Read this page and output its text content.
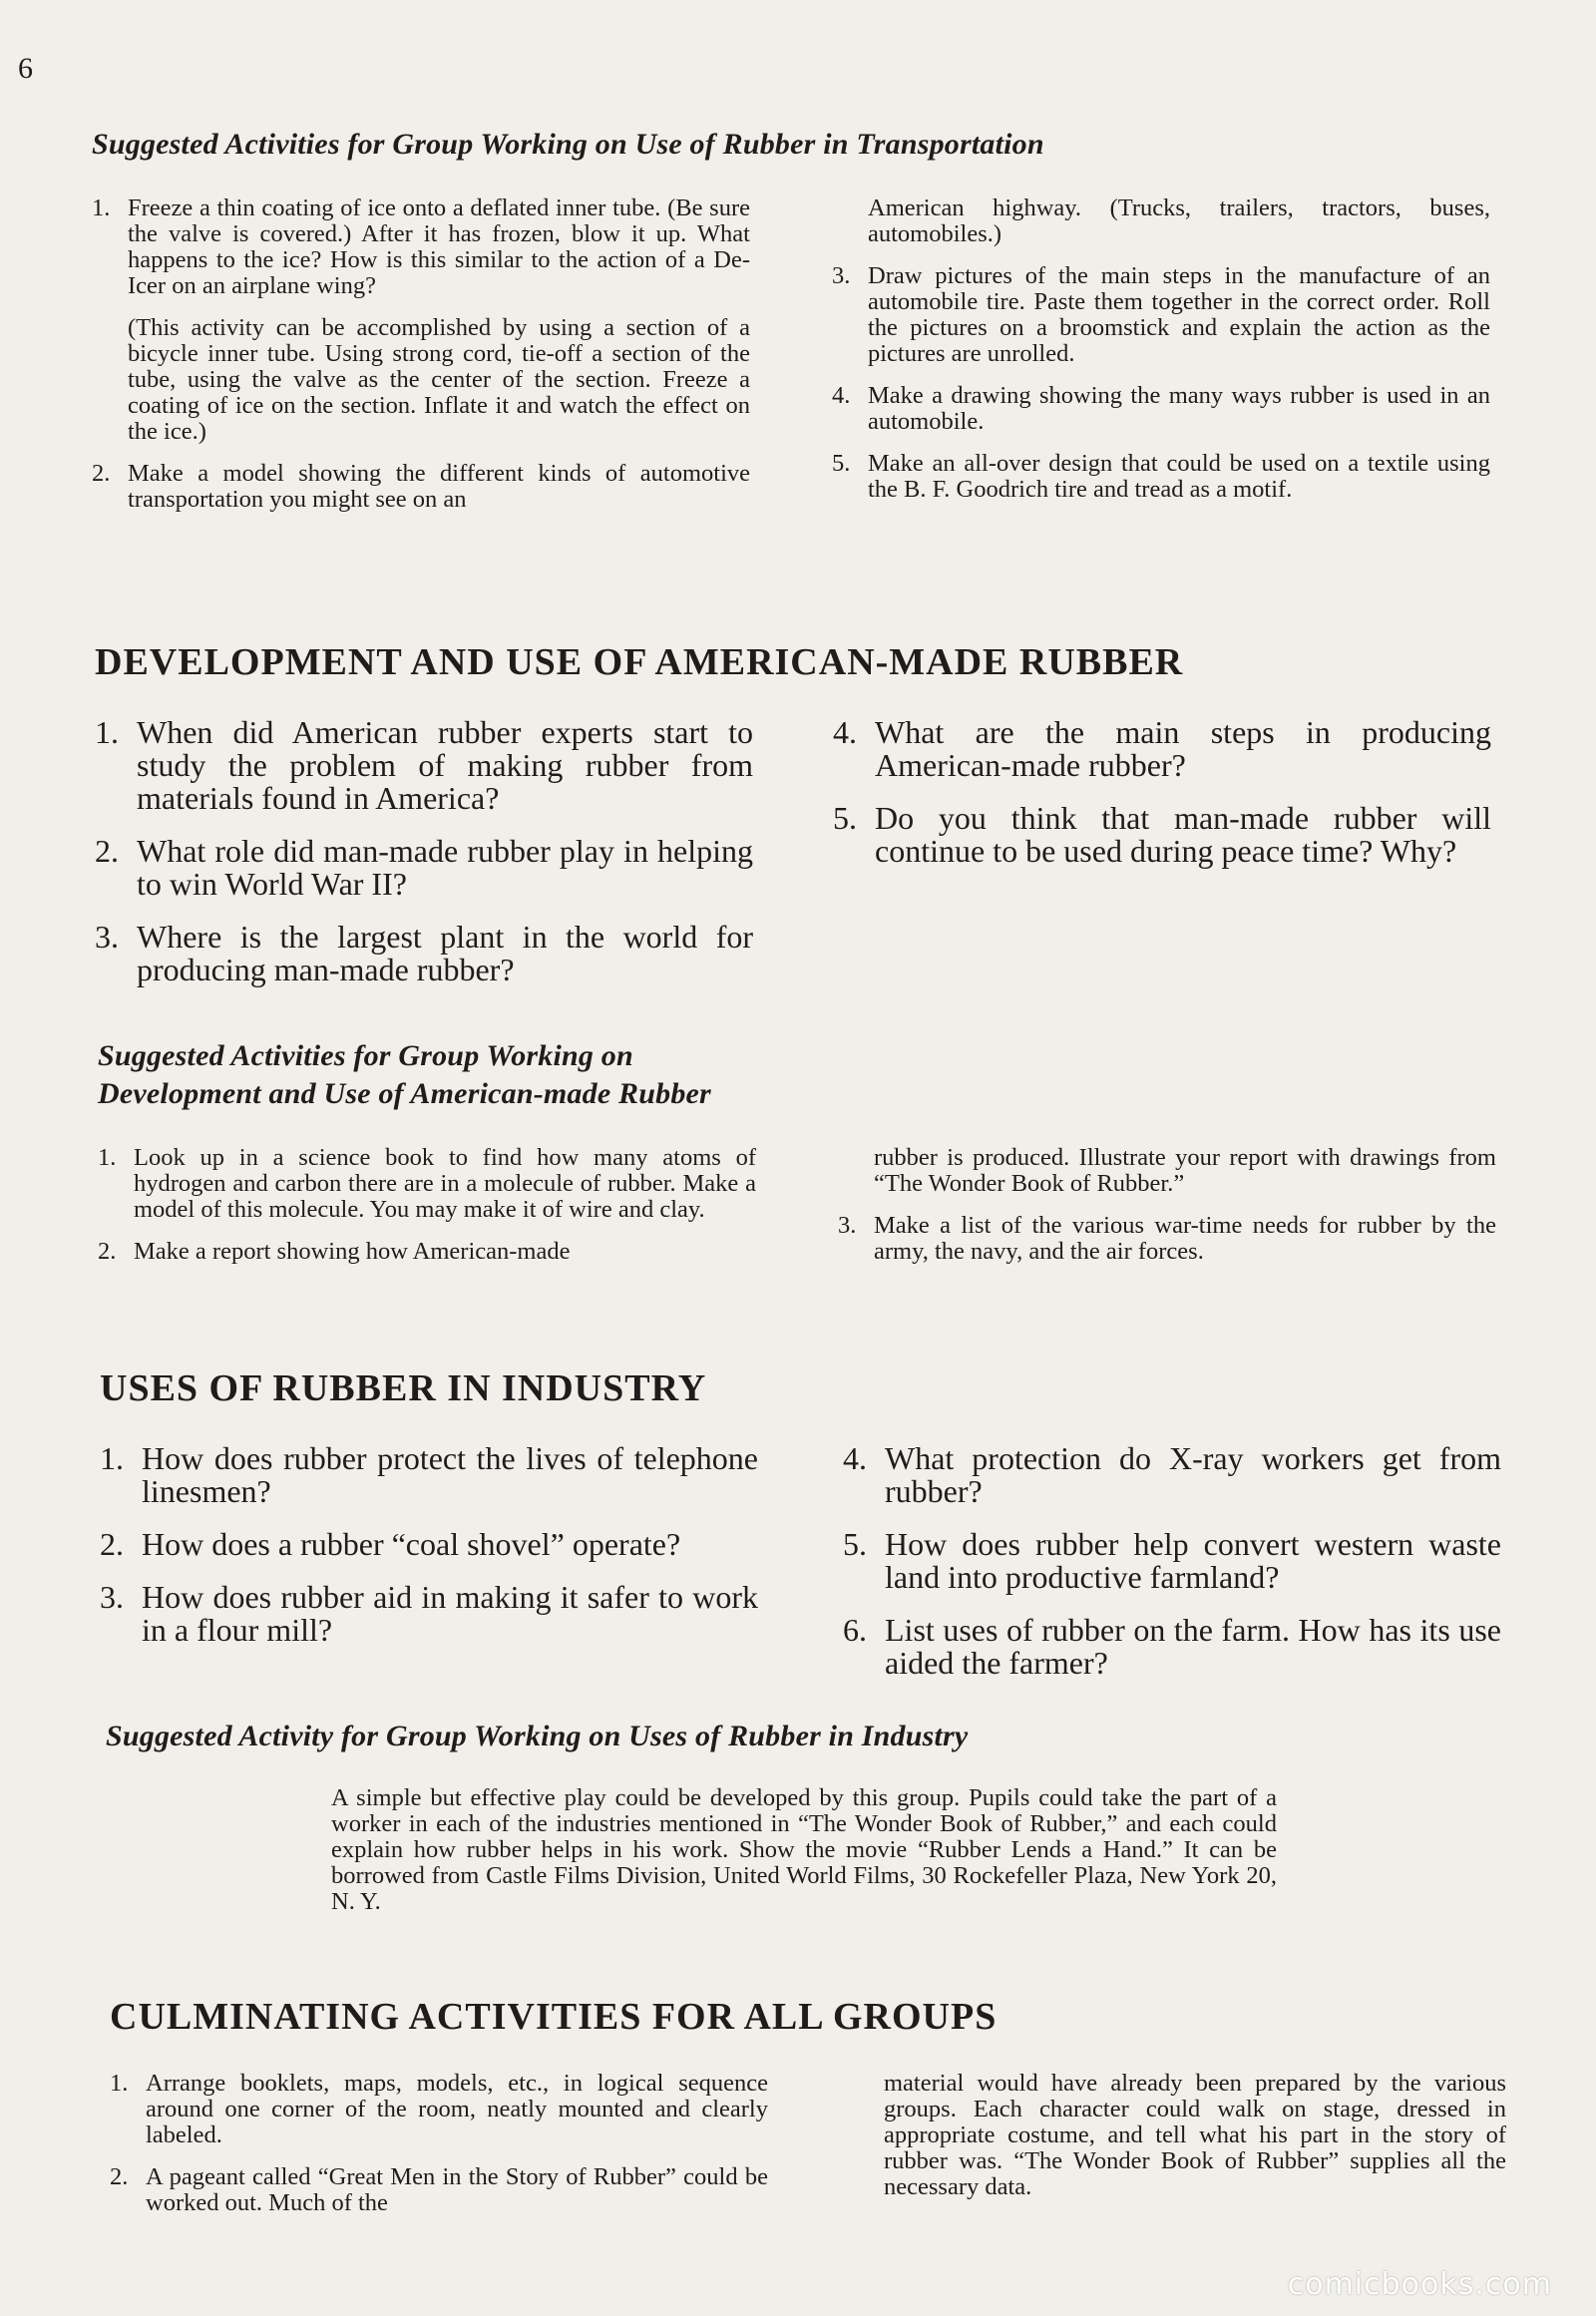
6
Suggested Activities for Group Working on Use of Rubber in Transportation
1. Freeze a thin coating of ice onto a deflated inner tube. (Be sure the valve is covered.) After it has frozen, blow it up. What happens to the ice? How is this similar to the action of a De-Icer on an airplane wing?
(This activity can be accomplished by using a section of a bicycle inner tube. Using strong cord, tie-off a section of the tube, using the valve as the center of the section. Freeze a coating of ice on the section. Inflate it and watch the effect on the ice.)
2. Make a model showing the different kinds of automotive transportation you might see on an
American highway. (Trucks, trailers, tractors, buses, automobiles.)
3. Draw pictures of the main steps in the manufacture of an automobile tire. Paste them together in the correct order. Roll the pictures on a broomstick and explain the action as the pictures are unrolled.
4. Make a drawing showing the many ways rubber is used in an automobile.
5. Make an all-over design that could be used on a textile using the B. F. Goodrich tire and tread as a motif.
DEVELOPMENT AND USE OF AMERICAN-MADE RUBBER
1. When did American rubber experts start to study the problem of making rubber from materials found in America?
2. What role did man-made rubber play in helping to win World War II?
3. Where is the largest plant in the world for producing man-made rubber?
4. What are the main steps in producing American-made rubber?
5. Do you think that man-made rubber will continue to be used during peace time? Why?
Suggested Activities for Group Working on
Development and Use of American-made Rubber
1. Look up in a science book to find how many atoms of hydrogen and carbon there are in a molecule of rubber. Make a model of this molecule. You may make it of wire and clay.
2. Make a report showing how American-made
rubber is produced. Illustrate your report with drawings from “The Wonder Book of Rubber.”
3. Make a list of the various war-time needs for rubber by the army, the navy, and the air forces.
USES OF RUBBER IN INDUSTRY
1. How does rubber protect the lives of telephone linesmen?
2. How does a rubber “coal shovel” operate?
3. How does rubber aid in making it safer to work in a flour mill?
4. What protection do X-ray workers get from rubber?
5. How does rubber help convert western waste land into productive farmland?
6. List uses of rubber on the farm. How has its use aided the farmer?
Suggested Activity for Group Working on Uses of Rubber in Industry

A simple but effective play could be developed by this group. Pupils could take the part of a worker in each of the industries mentioned in “The Wonder Book of Rubber,” and each could explain how rubber helps in his work. Show the movie “Rubber Lends a Hand.” It can be borrowed from Castle Films Division, United World Films, 30 Rockefeller Plaza, New York 20, N. Y.

CULMINATING ACTIVITIES FOR ALL GROUPS
1. Arrange booklets, maps, models, etc., in logical sequence around one corner of the room, neatly mounted and clearly labeled.
2. A pageant called “Great Men in the Story of Rubber” could be worked out. Much of the
material would have already been prepared by the various groups. Each character could walk on stage, dressed in appropriate costume, and tell what his part in the story of rubber was. “The Wonder Book of Rubber” supplies all the necessary data.
comicbooks.com
